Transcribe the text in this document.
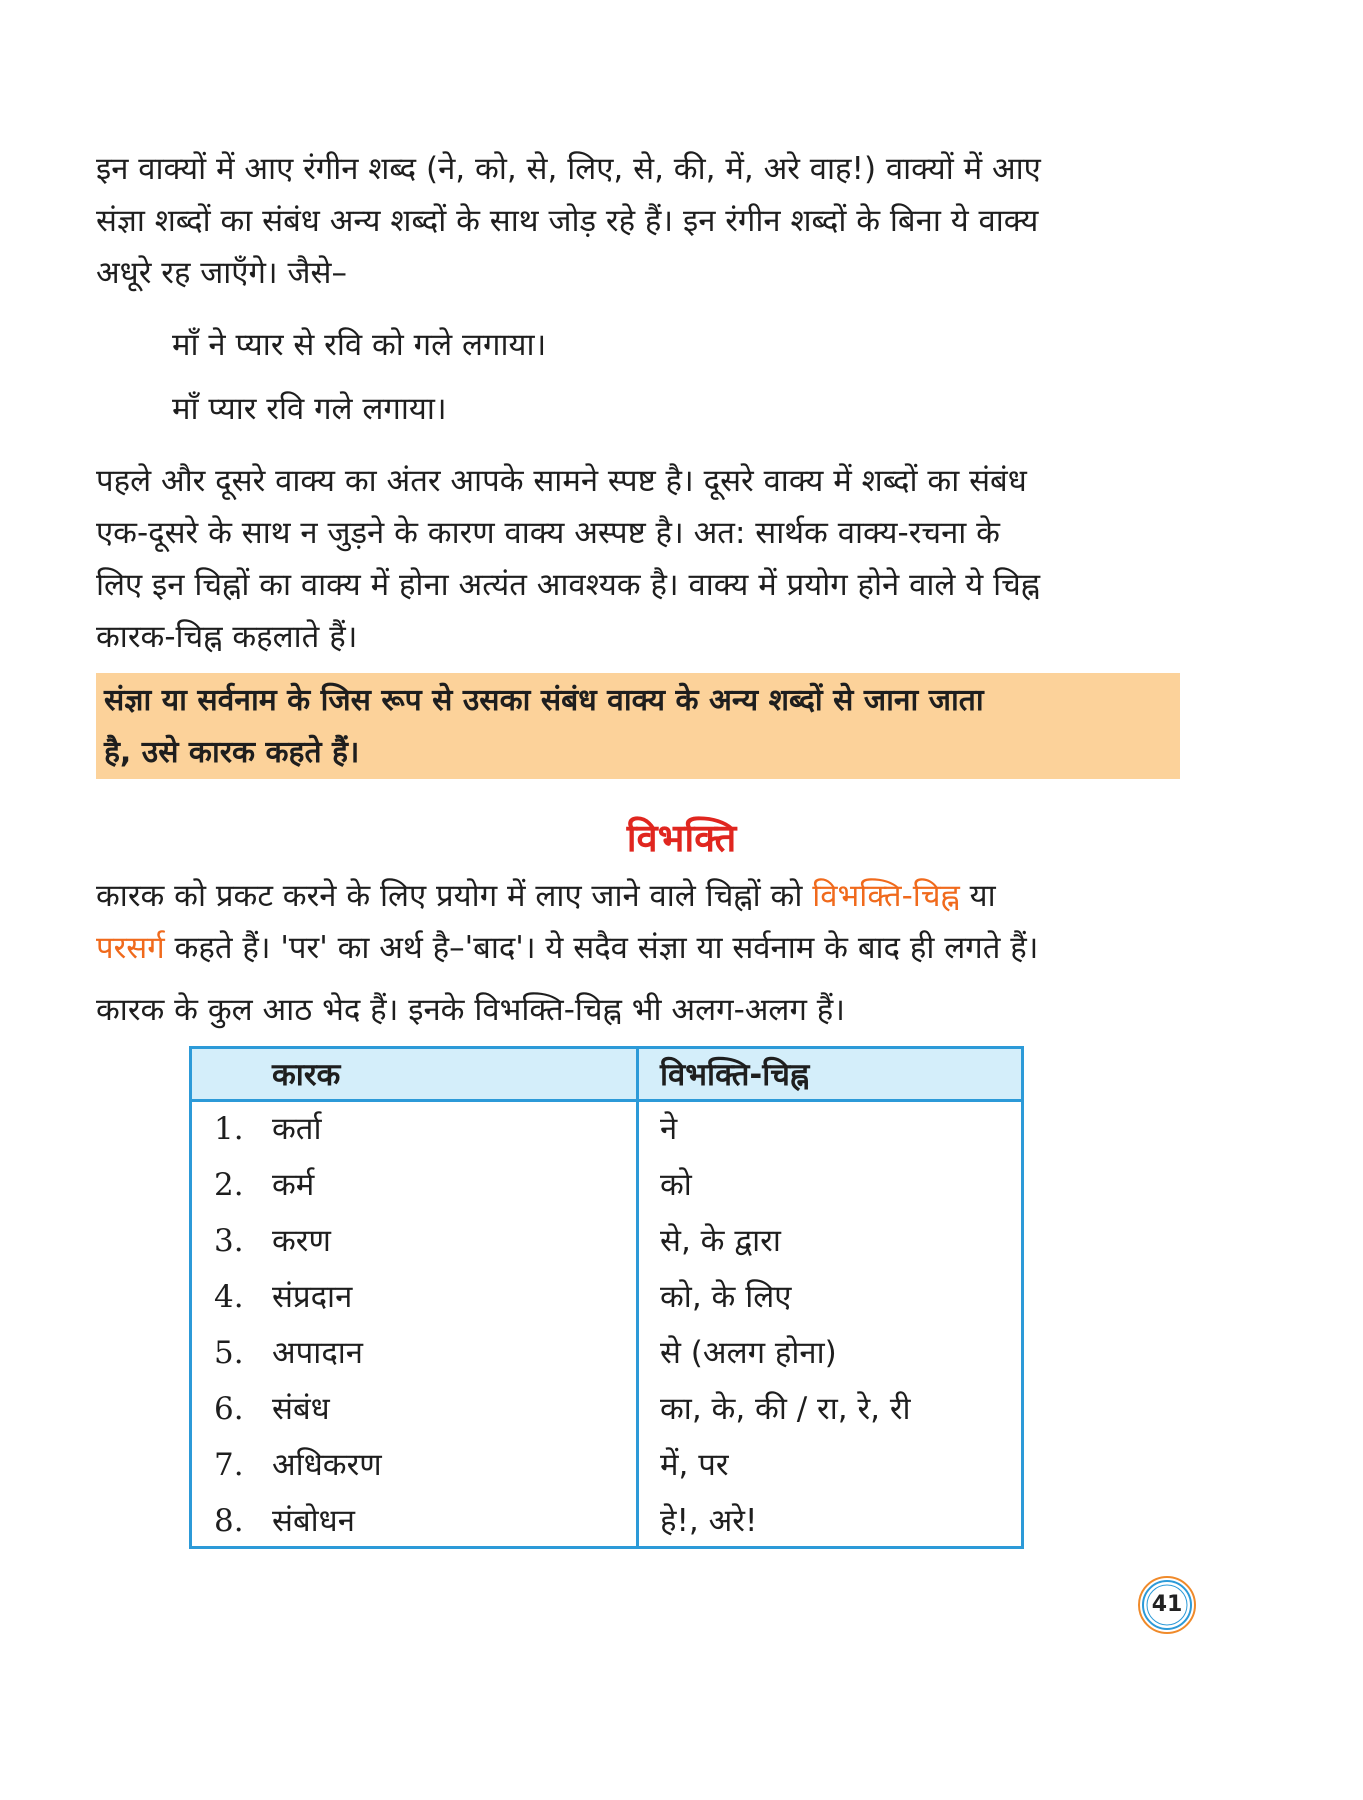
इन वाक्यों में आए रंगीन शब्द (ने, को, से, लिए, से, की, में, अरे वाह!) वाक्यों में आए

संज्ञा शब्दों का संबंध अन्य शब्दों के साथ जोड़ रहे हैं। इन रंगीन शब्दों के बिना ये वाक्य

अधूरे रह जाएँगे। जैसे–

माँ ने प्यार से रवि को गले लगाया।

माँ प्यार रवि गले लगाया।

पहले और दूसरे वाक्य का अंतर आपके सामने स्पष्ट है। दूसरे वाक्य में शब्दों का संबंध

एक-दूसरे के साथ न जुड़ने के कारण वाक्य अस्पष्ट है। अत: सार्थक वाक्य-रचना के

लिए इन चिह्नों का वाक्य में होना अत्यंत आवश्यक है। वाक्य में प्रयोग होने वाले ये चिह्न

कारक-चिह्न कहलाते हैं।

संज्ञा या सर्वनाम के जिस रूप से उसका संबंध वाक्य के अन्य शब्दों से जाना जाता
है, उसे कारक कहते हैं।
विभक्ति

कारक को प्रकट करने के लिए प्रयोग में लाए जाने वाले चिह्नों को विभक्ति-चिह्न या

परसर्ग कहते हैं। 'पर' का अर्थ है–'बाद'। ये सदैव संज्ञा या सर्वनाम के बाद ही लगते हैं।

कारक के कुल आठ भेद हैं। इनके विभक्ति-चिह्न भी अलग-अलग हैं।

कारक	विभक्ति-चिह्न
1. कर्ता	ने
2. कर्म	को
3. करण	से, के द्वारा
4. संप्रदान	को, के लिए
5. अपादान	से (अलग होना)
6. संबंध	का, के, की / रा, रे, री
7. अधिकरण	में, पर
8. संबोधन	हे!, अरे!
41
